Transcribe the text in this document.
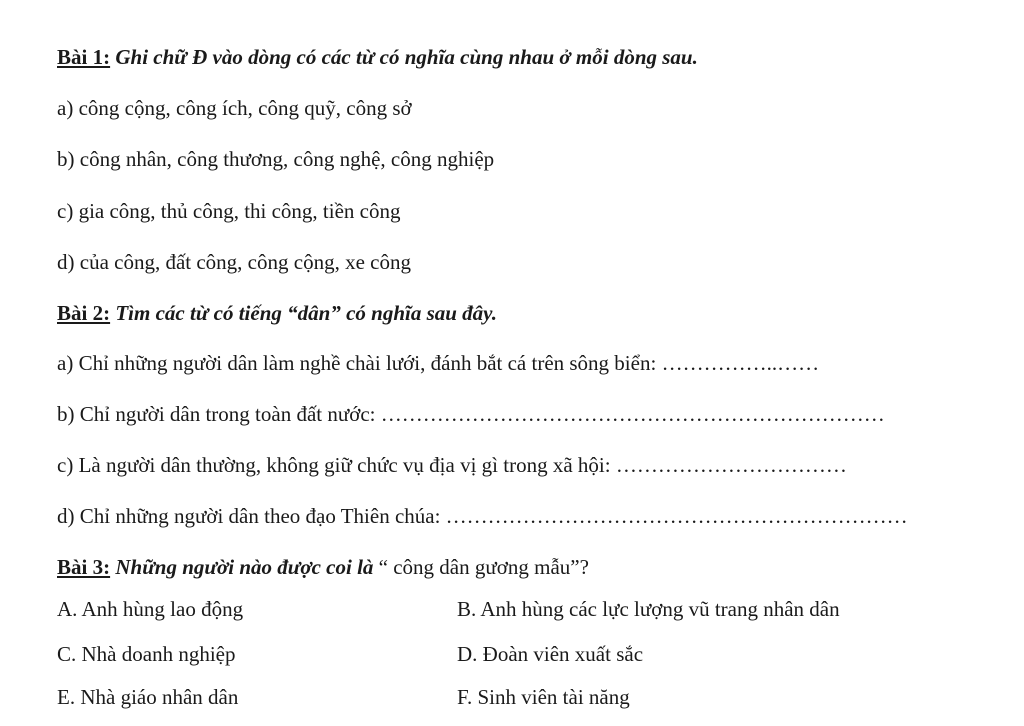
Bài 1: Ghi chữ Đ vào dòng có các từ có nghĩa cùng nhau ở mỗi dòng sau.
a) công cộng, công ích, công quỹ, công sở
b) công nhân, công thương, công nghệ, công nghiệp
c) gia công, thủ công, thi công, tiền công
d) của công, đất công, công cộng, xe công
Bài 2: Tìm các từ có tiếng “dân” có nghĩa sau đây.
a) Chỉ những người dân làm nghề chài lưới, đánh bắt cá trên sông biển: ……………..……
b) Chỉ người dân trong toàn đất nước: ………………………………………………………………
c) Là người dân thường, không giữ chức vụ địa vị gì trong xã hội: ……………………………
d) Chỉ những người dân theo đạo Thiên chúa: …………………………………………………………
Bài 3: Những người nào được coi là “ công dân gương mẫu”?
A. Anh hùng lao động	B. Anh hùng các lực lượng vũ trang nhân dân
C. Nhà doanh nghiệp	D. Đoàn viên xuất sắc
E. Nhà giáo nhân dân	F. Sinh viên tài năng
